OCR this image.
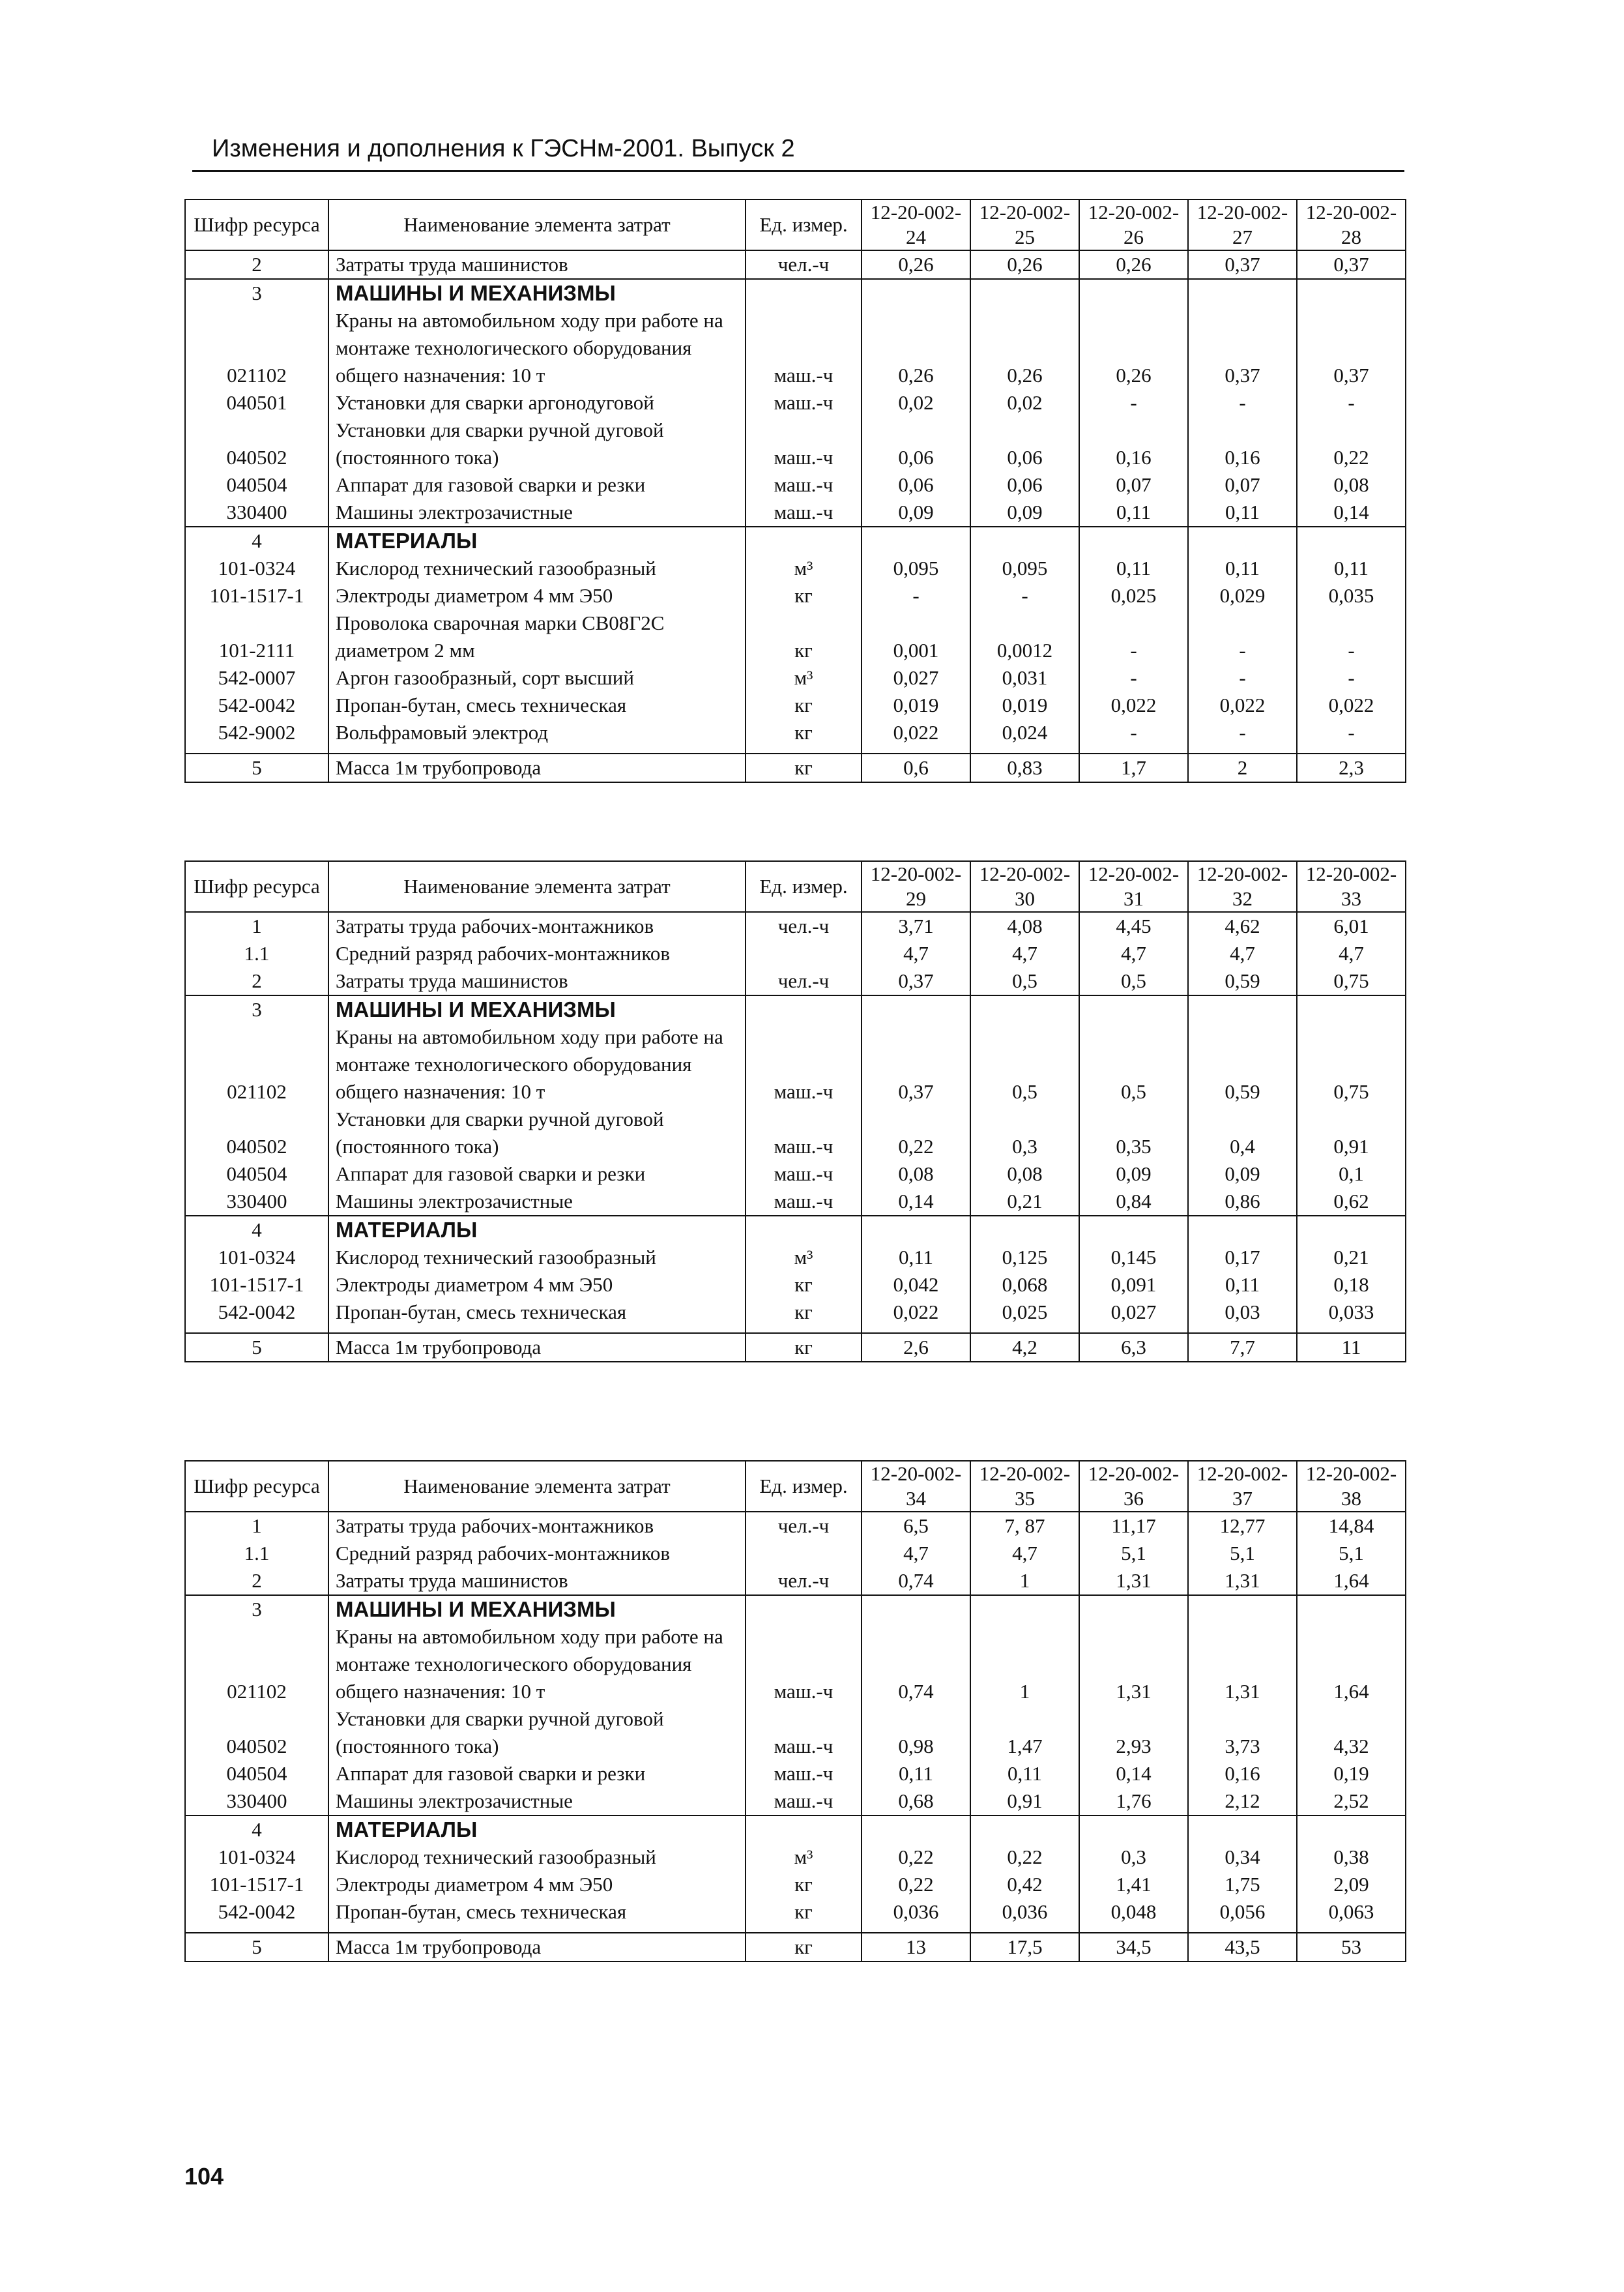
Изменения и дополнения к ГЭСНм-2001. Выпуск 2
Шифр ресурса	Наименование элемента затрат	Ед. измер.	12-20-002-24	12-20-002-25	12-20-002-26	12-20-002-27	12-20-002-28
2	Затраты труда машинистов	чел.-ч	0,26	0,26	0,26	0,37	0,37
3	МАШИНЫ И МЕХАНИЗМЫ						
021102	Краны на автомобильном ходу при работе на монтаже технологического оборудования общего назначения: 10 т	маш.-ч	0,26	0,26	0,26	0,37	0,37
040501	Установки для сварки аргонодуговой	маш.-ч	0,02	0,02	-	-	-
040502	Установки для сварки ручной дуговой (постоянного тока)	маш.-ч	0,06	0,06	0,16	0,16	0,22
040504	Аппарат для газовой сварки и резки	маш.-ч	0,06	0,06	0,07	0,07	0,08
330400	Машины электрозачистные	маш.-ч	0,09	0,09	0,11	0,11	0,14
4	МАТЕРИАЛЫ						
101-0324	Кислород технический газообразный	м³	0,095	0,095	0,11	0,11	0,11
101-1517-1	Электроды диаметром 4 мм Э50	кг	-	-	0,025	0,029	0,035
101-2111	Проволока сварочная марки СВ08Г2С диаметром 2 мм	кг	0,001	0,0012	-	-	-
542-0007	Аргон газообразный, сорт высший	м³	0,027	0,031	-	-	-
542-0042	Пропан-бутан, смесь техническая	кг	0,019	0,019	0,022	0,022	0,022
542-9002	Вольфрамовый электрод	кг	0,022	0,024	-	-	-

5	Масса 1м трубопровода	кг	0,6	0,83	1,7	2	2,3
Шифр ресурса	Наименование элемента затрат	Ед. измер.	12-20-002-29	12-20-002-30	12-20-002-31	12-20-002-32	12-20-002-33
1	Затраты труда рабочих-монтажников	чел.-ч	3,71	4,08	4,45	4,62	6,01
1.1	Средний разряд рабочих-монтажников		4,7	4,7	4,7	4,7	4,7
2	Затраты труда машинистов	чел.-ч	0,37	0,5	0,5	0,59	0,75
3	МАШИНЫ И МЕХАНИЗМЫ						
021102	Краны на автомобильном ходу при работе на монтаже технологического оборудования общего назначения: 10 т	маш.-ч	0,37	0,5	0,5	0,59	0,75
040502	Установки для сварки ручной дуговой (постоянного тока)	маш.-ч	0,22	0,3	0,35	0,4	0,91
040504	Аппарат для газовой сварки и резки	маш.-ч	0,08	0,08	0,09	0,09	0,1
330400	Машины электрозачистные	маш.-ч	0,14	0,21	0,84	0,86	0,62
4	МАТЕРИАЛЫ						
101-0324	Кислород технический газообразный	м³	0,11	0,125	0,145	0,17	0,21
101-1517-1	Электроды диаметром 4 мм Э50	кг	0,042	0,068	0,091	0,11	0,18
542-0042	Пропан-бутан, смесь техническая	кг	0,022	0,025	0,027	0,03	0,033

5	Масса 1м трубопровода	кг	2,6	4,2	6,3	7,7	11
Шифр ресурса	Наименование элемента затрат	Ед. измер.	12-20-002-34	12-20-002-35	12-20-002-36	12-20-002-37	12-20-002-38
1	Затраты труда рабочих-монтажников	чел.-ч	6,5	7, 87	11,17	12,77	14,84
1.1	Средний разряд рабочих-монтажников		4,7	4,7	5,1	5,1	5,1
2	Затраты труда машинистов	чел.-ч	0,74	1	1,31	1,31	1,64
3	МАШИНЫ И МЕХАНИЗМЫ						
021102	Краны на автомобильном ходу при работе на монтаже технологического оборудования общего назначения: 10 т	маш.-ч	0,74	1	1,31	1,31	1,64
040502	Установки для сварки ручной дуговой (постоянного тока)	маш.-ч	0,98	1,47	2,93	3,73	4,32
040504	Аппарат для газовой сварки и резки	маш.-ч	0,11	0,11	0,14	0,16	0,19
330400	Машины электрозачистные	маш.-ч	0,68	0,91	1,76	2,12	2,52
4	МАТЕРИАЛЫ						
101-0324	Кислород технический газообразный	м³	0,22	0,22	0,3	0,34	0,38
101-1517-1	Электроды диаметром 4 мм Э50	кг	0,22	0,42	1,41	1,75	2,09
542-0042	Пропан-бутан, смесь техническая	кг	0,036	0,036	0,048	0,056	0,063

5	Масса 1м трубопровода	кг	13	17,5	34,5	43,5	53
104
